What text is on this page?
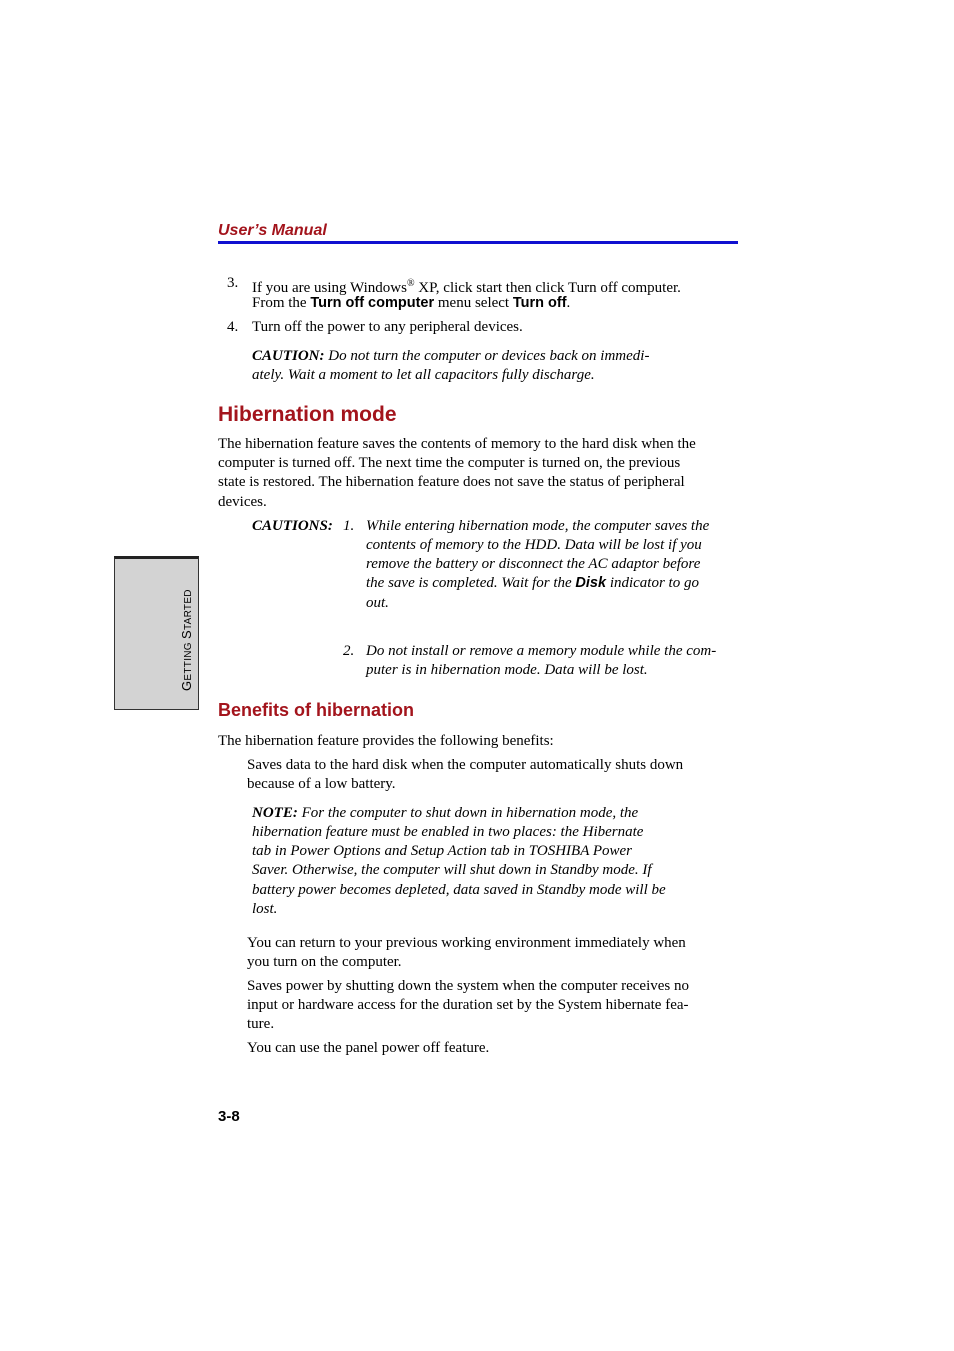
User’s Manual
3. If you are using Windows® XP, click start then click Turn off computer.
From the Turn off computer menu select Turn off.
4. Turn off the power to any peripheral devices.
CAUTION: Do not turn the computer or devices back on immedi-
ately. Wait a moment to let all capacitors fully discharge.
Hibernation mode
The hibernation feature saves the contents of memory to the hard disk when the
computer is turned off. The next time the computer is turned on, the previous
state is restored. The hibernation feature does not save the status of peripheral
devices.
CAUTIONS: 1. While entering hibernation mode, the computer saves the
contents of memory to the HDD. Data will be lost if you
remove the battery or disconnect the AC adaptor before
the save is completed. Wait for the Disk indicator to go
out.
2. Do not install or remove a memory module while the com-
puter is in hibernation mode. Data will be lost.
GETTING STARTED
Benefits of hibernation
The hibernation feature provides the following benefits:
Saves data to the hard disk when the computer automatically shuts down
because of a low battery.
NOTE: For the computer to shut down in hibernation mode, the
hibernation feature must be enabled in two places: the Hibernate
tab in Power Options and Setup Action tab in TOSHIBA Power
Saver. Otherwise, the computer will shut down in Standby mode. If
battery power becomes depleted, data saved in Standby mode will be
lost.
You can return to your previous working environment immediately when
you turn on the computer.
Saves power by shutting down the system when the computer receives no
input or hardware access for the duration set by the System hibernate fea-
ture.
You can use the panel power off feature.
3-8
